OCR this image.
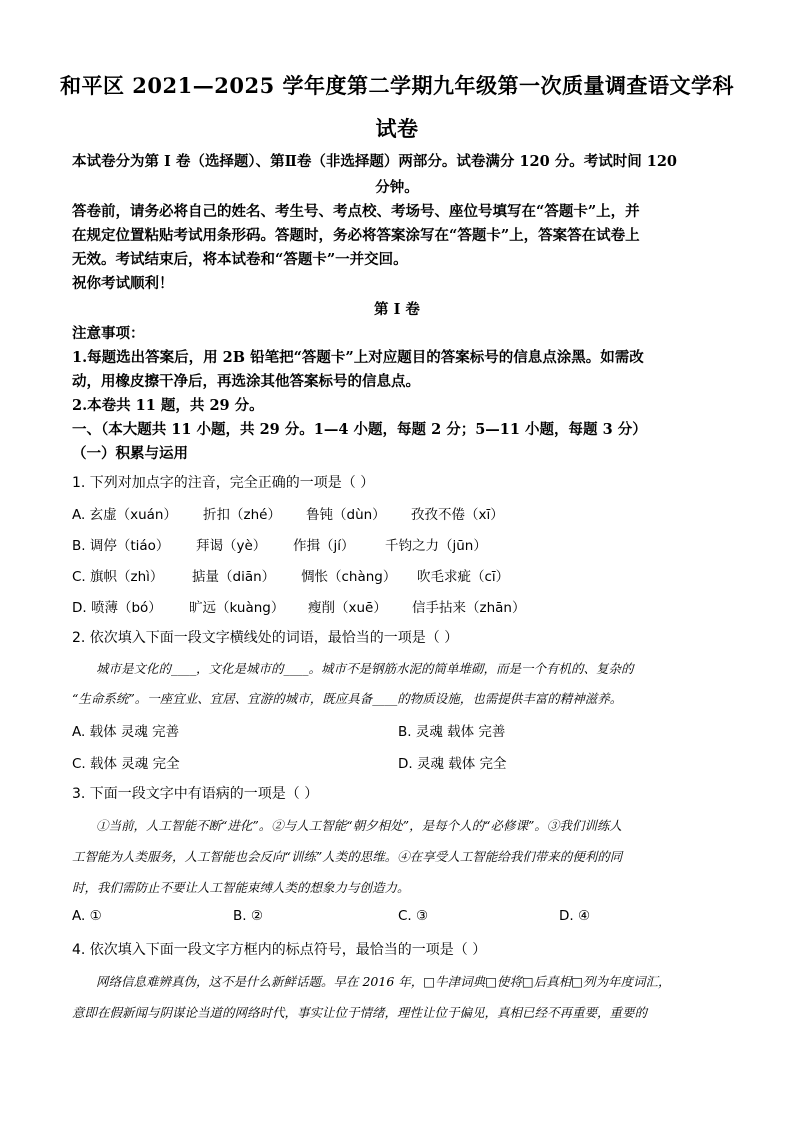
和平区 2021—2025 学年度第二学期九年级第一次质量调查语文学科
试卷
本试卷分为第 I 卷（选择题）、第Ⅱ卷（非选择题）两部分。试卷满分 120 分。考试时间 120
分钟。
答卷前，请务必将自己的姓名、考生号、考点校、考场号、座位号填写在“答题卡”上，并
在规定位置粘贴考试用条形码。答题时，务必将答案涂写在“答题卡”上，答案答在试卷上
无效。考试结束后，将本试卷和“答题卡”一并交回。
祝你考试顺利！
第 I 卷
注意事项：
1.每题选出答案后，用 2B 铅笔把“答题卡”上对应题目的答案标号的信息点涂黑。如需改
动，用橡皮擦干净后，再选涂其他答案标号的信息点。
2.本卷共 11 题，共 29 分。
一、（本大题共 11 小题，共 29 分。1—4 小题，每题 2 分；5—11 小题，每题 3 分）
（一）积累与运用
1. 下列对加点字的注音，完全正确的一项是（ ）
A. 玄虚（xuán）	折扣（zhé）	鲁钝（dùn）	孜孜不倦（xī）
B. 调停（tiáo）	拜谒（yè）	作揖（jí）	千钧之力（jūn）
C. 旗帜（zhì）	掂量（diān）	惆怅（chàng）	吹毛求疵（cī）
D. 喷薄（bó）	旷远（kuàng）	瘦削（xuē）	信手拈来（zhān）
2. 依次填入下面一段文字横线处的词语，最恰当的一项是（ ）
城市是文化的____，文化是城市的____。城市不是钢筋水泥的简单堆砌，而是一个有机的、复杂的
“生命系统”。一座宜业、宜居、宜游的城市，既应具备____的物质设施，也需提供丰富的精神滋养。
A. 载体 灵魂 完善	B. 灵魂 载体 完善
C. 载体 灵魂 完全	D. 灵魂 载体 完全
3. 下面一段文字中有语病的一项是（ ）
①当前，人工智能不断“进化”。②与人工智能“朝夕相处”，是每个人的“必修课”。③我们训练人
工智能为人类服务，人工智能也会反向“训练”人类的思维。④在享受人工智能给我们带来的便利的同
时，我们需防止不要让人工智能束缚人类的想象力与创造力。
A. ①	B. ②	C. ③	D. ④
4. 依次填入下面一段文字方框内的标点符号，最恰当的一项是（ ）
网络信息难辨真伪，这不是什么新鲜话题。早在 2016 年，□牛津词典□使将□后真相□列为年度词汇，
意即在假新闻与阴谋论当道的网络时代，事实让位于情绪，理性让位于偏见，真相已经不再重要，重要的
